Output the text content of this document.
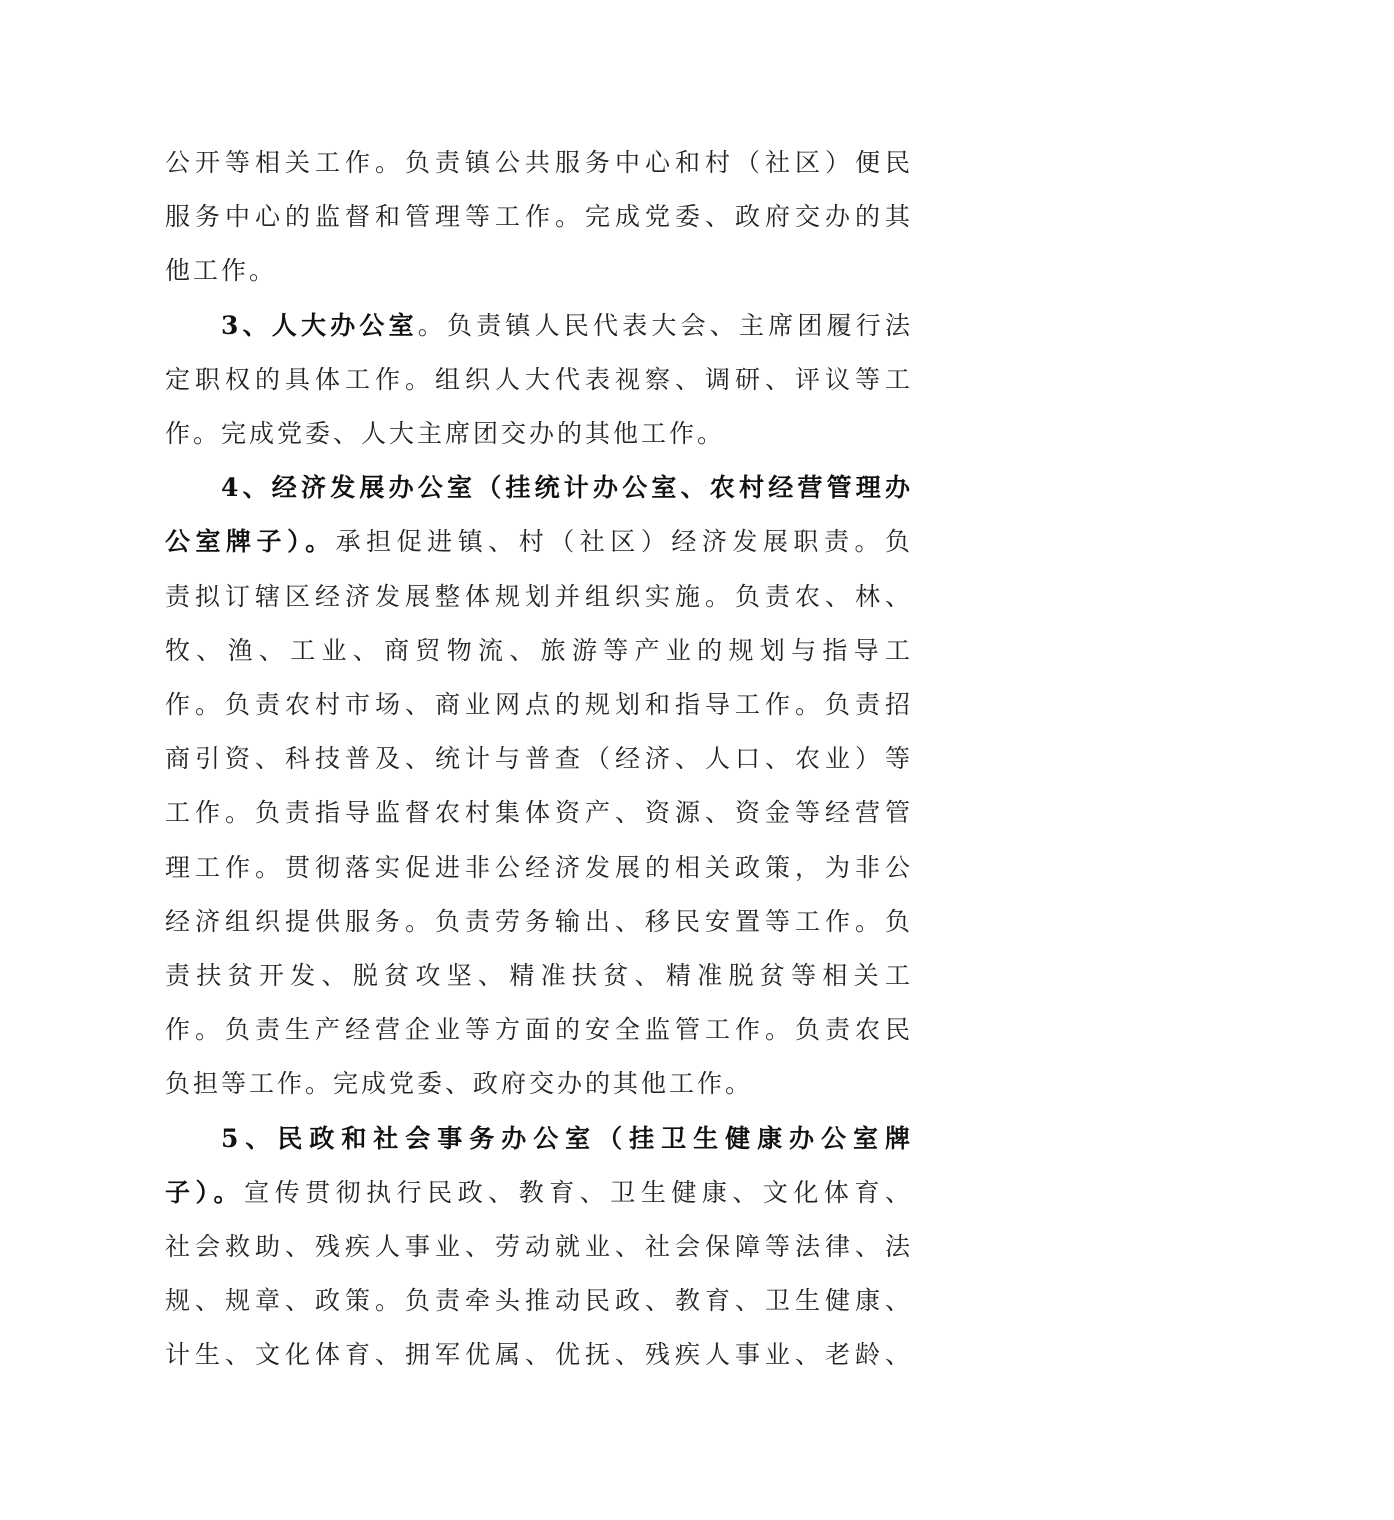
公开等相关工作。负责镇公共服务中心和村（社区）便民
服务中心的监督和管理等工作。完成党委、政府交办的其
他工作。
3、人大办公室。负责镇人民代表大会、主席团履行法
定职权的具体工作。组织人大代表视察、调研、评议等工
作。完成党委、人大主席团交办的其他工作。
4、经济发展办公室（挂统计办公室、农村经营管理办
公室牌子）。承担促进镇、村（社区）经济发展职责。负
责拟订辖区经济发展整体规划并组织实施。负责农、林、
牧、渔、工业、商贸物流、旅游等产业的规划与指导工
作。负责农村市场、商业网点的规划和指导工作。负责招
商引资、科技普及、统计与普查（经济、人口、农业）等
工作。负责指导监督农村集体资产、资源、资金等经营管
理工作。贯彻落实促进非公经济发展的相关政策，为非公
经济组织提供服务。负责劳务输出、移民安置等工作。负
责扶贫开发、脱贫攻坚、精准扶贫、精准脱贫等相关工
作。负责生产经营企业等方面的安全监管工作。负责农民
负担等工作。完成党委、政府交办的其他工作。
5、民政和社会事务办公室（挂卫生健康办公室牌
子）。宣传贯彻执行民政、教育、卫生健康、文化体育、
社会救助、残疾人事业、劳动就业、社会保障等法律、法
规、规章、政策。负责牵头推动民政、教育、卫生健康、
计生、文化体育、拥军优属、优抚、残疾人事业、老龄、
